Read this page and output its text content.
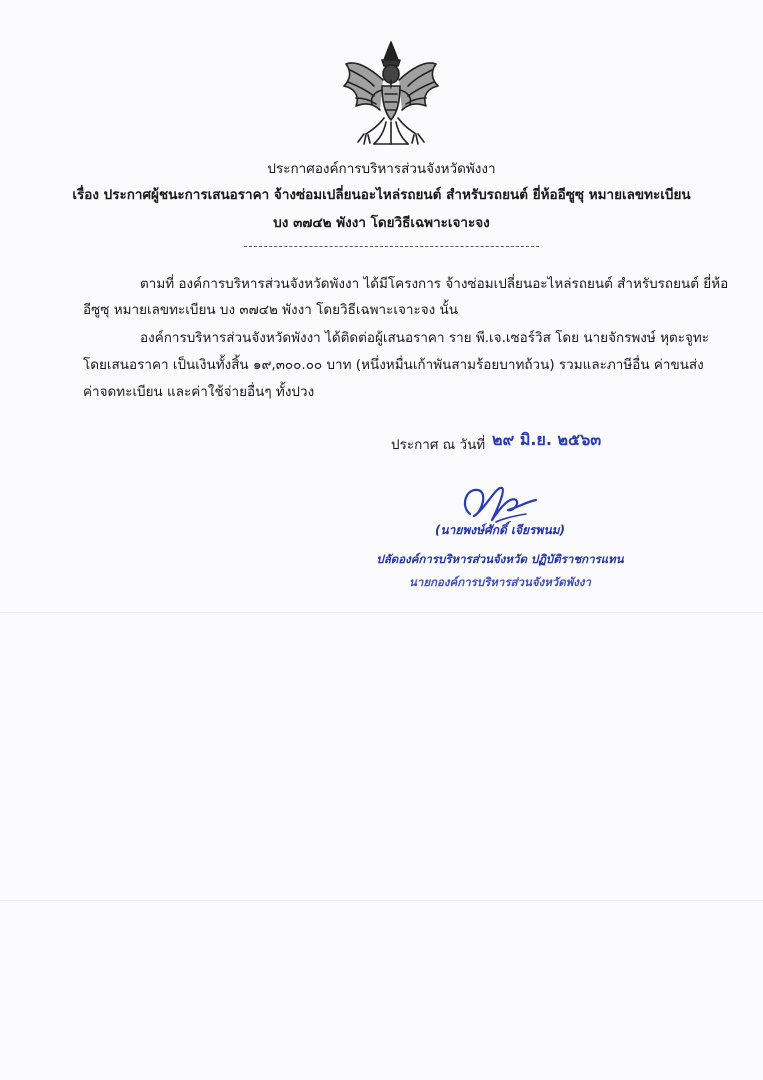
ประกาศองค์การบริหารส่วนจังหวัดพังงา
เรื่อง ประกาศผู้ชนะการเสนอราคา จ้างซ่อมเปลี่ยนอะไหล่รถยนต์ สำหรับรถยนต์ ยี่ห้ออีซูซุ หมายเลขทะเบียน
บง ๓๗๔๒ พังงา โดยวิธีเฉพาะเจาะจง
ตามที่ องค์การบริหารส่วนจังหวัดพังงา ได้มีโครงการ จ้างซ่อมเปลี่ยนอะไหล่รถยนต์ สำหรับรถยนต์ ยี่ห้อ
อีซูซุ หมายเลขทะเบียน บง ๓๗๔๒ พังงา โดยวิธีเฉพาะเจาะจง นั้น
องค์การบริหารส่วนจังหวัดพังงา ได้ติดต่อผู้เสนอราคา ราย พี.เจ.เซอร์วิส โดย นายจักรพงษ์ หุตะจูทะ
โดยเสนอราคา เป็นเงินทั้งสิ้น ๑๙,๓๐๐.๐๐ บาท (หนึ่งหมื่นเก้าพันสามร้อยบาทถ้วน) รวมและภาษีอื่น ค่าขนส่ง
ค่าจดทะเบียน และค่าใช้จ่ายอื่นๆ ทั้งปวง
ประกาศ ณ วันที่ ๒๙ มิ.ย. ๒๕๖๓
(นายพงษ์ศักดิ์ เจียรพนม)
ปลัดองค์การบริหารส่วนจังหวัด ปฏิบัติราชการแทน
นายกองค์การบริหารส่วนจังหวัดพังงา
